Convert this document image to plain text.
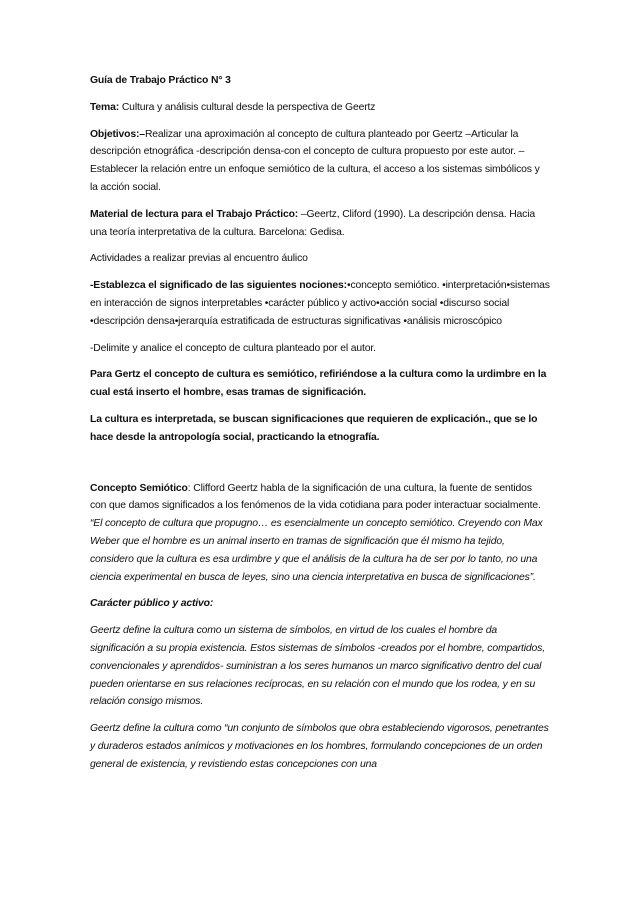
Guía de Trabajo Práctico N° 3

Tema: Cultura y análisis cultural desde la perspectiva de Geertz

Objetivos:–Realizar una aproximación al concepto de cultura planteado por Geertz –Articular la descripción etnográfica -descripción densa-con el concepto de cultura propuesto por este autor. –Establecer la relación entre un enfoque semiótico de la cultura, el acceso a los sistemas simbólicos y la acción social.

Material de lectura para el Trabajo Práctico: –Geertz, Cliford (1990). La descripción densa. Hacia una teoría interpretativa de la cultura. Barcelona: Gedisa.

Actividades a realizar previas al encuentro áulico

-Establezca el significado de las siguientes nociones:•concepto semiótico. •interpretación•sistemas en interacción de signos interpretables •carácter público y activo•acción social •discurso social •descripción densa•jerarquía estratificada de estructuras significativas •análisis microscópico

-Delimite y analice el concepto de cultura planteado por el autor.

Para Gertz el concepto de cultura es semiótico, refiriéndose a la cultura como la urdimbre en la cual está inserto el hombre, esas tramas de significación.

La cultura es interpretada, se buscan significaciones que requieren de explicación., que se lo hace desde la antropología social, practicando la etnografía.

Concepto Semiótico: Clifford Geertz habla de la significación de una cultura, la fuente de sentidos con que damos significados a los fenómenos de la vida cotidiana para poder interactuar socialmente. “El concepto de cultura que propugno… es esencialmente un concepto semiótico. Creyendo con Max Weber que el hombre es un animal inserto en tramas de significación que él mismo ha tejido, considero que la cultura es esa urdimbre y que el análisis de la cultura ha de ser por lo tanto, no una ciencia experimental en busca de leyes, sino una ciencia interpretativa en busca de significaciones”.

Carácter público y activo:

Geertz define la cultura como un sistema de símbolos, en virtud de los cuales el hombre da significación a su propia existencia. Estos sistemas de símbolos -creados por el hombre, compartidos, convencionales y aprendidos- suministran a los seres humanos un marco significativo dentro del cual pueden orientarse en sus relaciones recíprocas, en su relación con el mundo que los rodea, y en su relación consigo mismos.

Geertz define la cultura como “un conjunto de símbolos que obra estableciendo vigorosos, penetrantes y duraderos estados anímicos y motivaciones en los hombres, formulando concepciones de un orden general de existencia, y revistiendo estas concepciones con una
